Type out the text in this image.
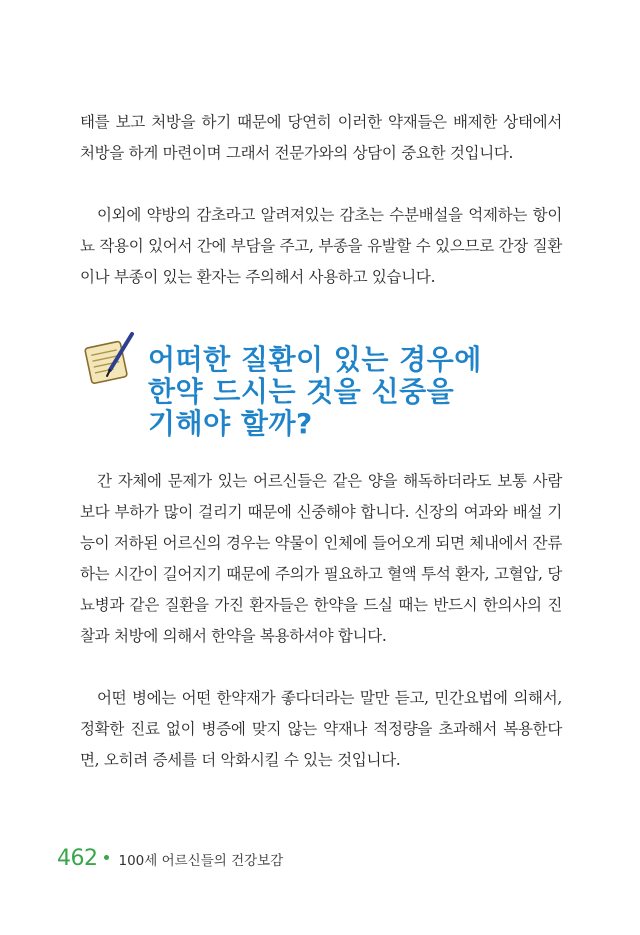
태를 보고 처방을 하기 때문에 당연히 이러한 약재들은 배제한 상태에서 처방을 하게 마련이며 그래서 전문가와의 상담이 중요한 것입니다.

이외에 약방의 감초라고 알려져있는 감초는 수분배설을 억제하는 항이뇨 작용이 있어서 간에 부담을 주고, 부종을 유발할 수 있으므로 간장 질환이나 부종이 있는 환자는 주의해서 사용하고 있습니다.

어떠한 질환이 있는 경우에
한약 드시는 것을 신중을
기해야 할까?

간 자체에 문제가 있는 어르신들은 같은 양을 해독하더라도 보통 사람보다 부하가 많이 걸리기 때문에 신중해야 합니다. 신장의 여과와 배설 기능이 저하된 어르신의 경우는 약물이 인체에 들어오게 되면 체내에서 잔류하는 시간이 길어지기 때문에 주의가 필요하고 혈액 투석 환자, 고혈압, 당뇨병과 같은 질환을 가진 환자들은 한약을 드실 때는 반드시 한의사의 진찰과 처방에 의해서 한약을 복용하셔야 합니다.

어떤 병에는 어떤 한약재가 좋다더라는 말만 듣고, 민간요법에 의해서, 정확한 진료 없이 병증에 맞지 않는 약재나 적정량을 초과해서 복용한다면, 오히려 증세를 더 악화시킬 수 있는 것입니다.

462 100세 어르신들의 건강보감
